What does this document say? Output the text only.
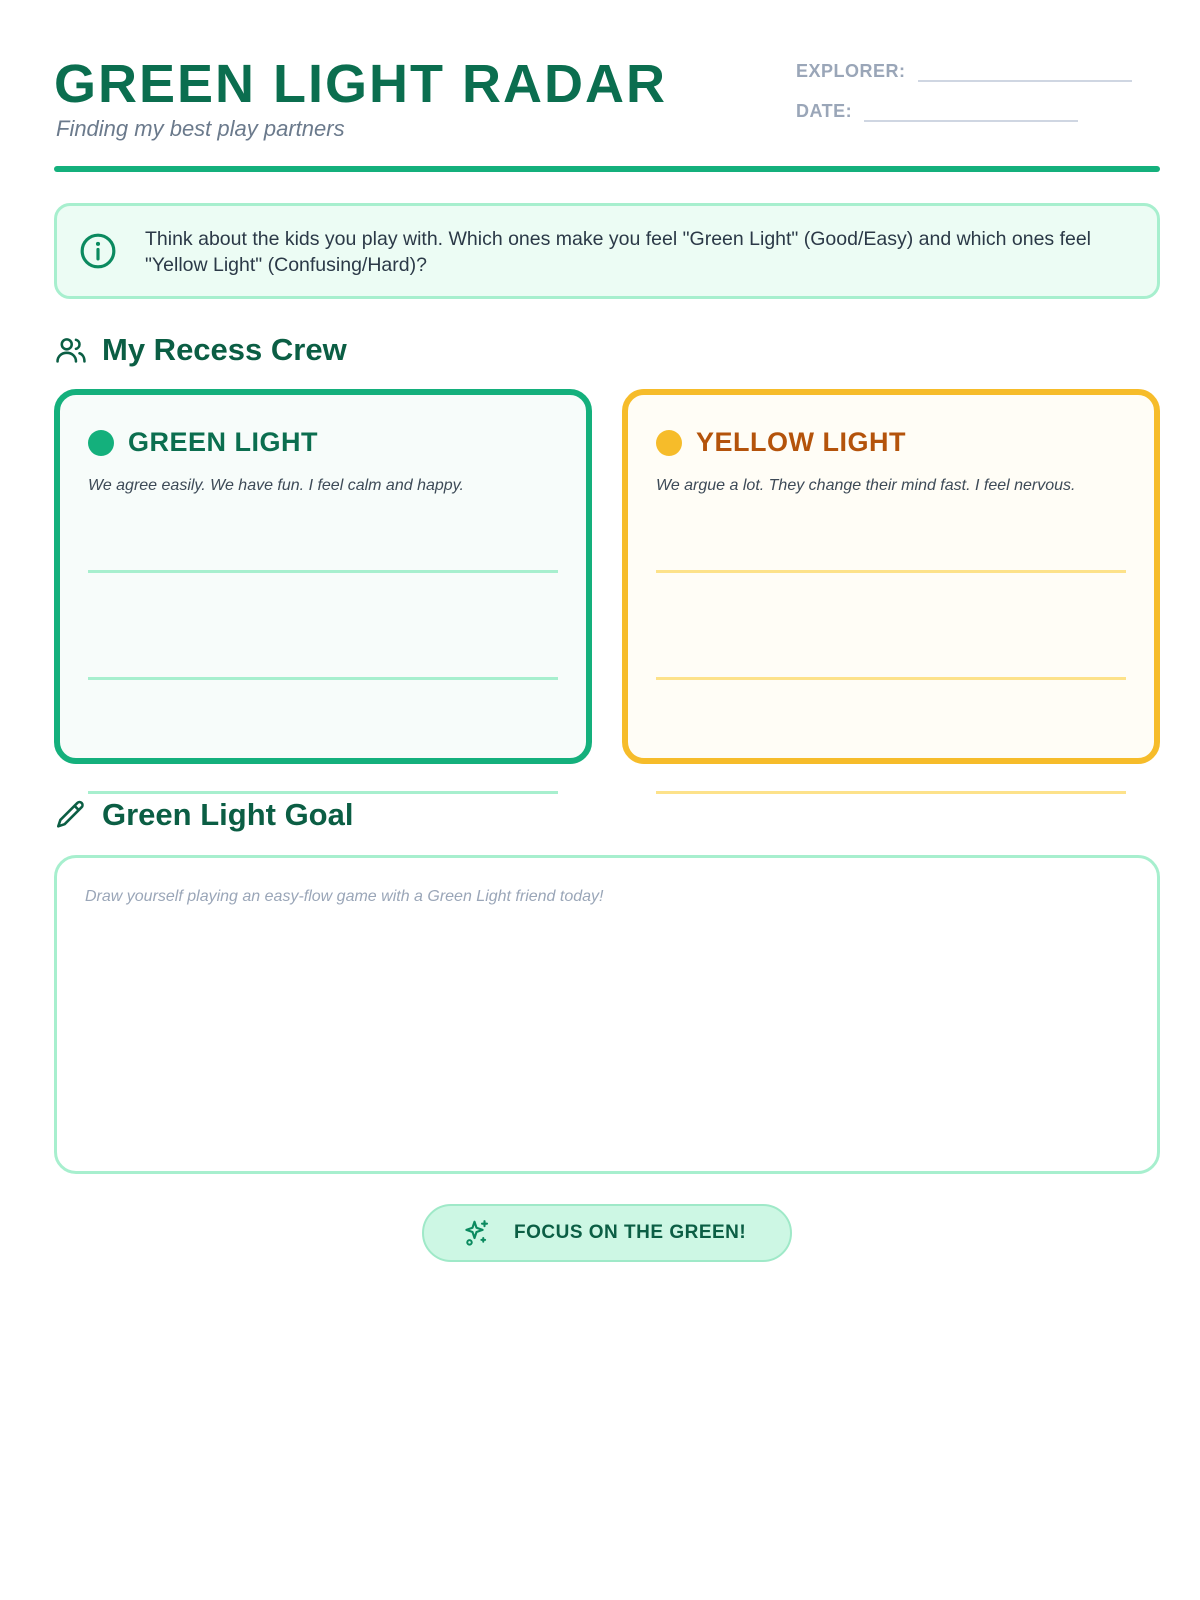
GREEN LIGHT RADAR
Finding my best play partners
EXPLORER:
DATE:
Think about the kids you play with. Which ones make you feel "Green Light" (Good/Easy) and which ones feel "Yellow Light" (Confusing/Hard)?
My Recess Crew
GREEN LIGHT
We agree easily. We have fun. I feel calm and happy.
YELLOW LIGHT
We argue a lot. They change their mind fast. I feel nervous.
Green Light Goal
Draw yourself playing an easy-flow game with a Green Light friend today!
FOCUS ON THE GREEN!
